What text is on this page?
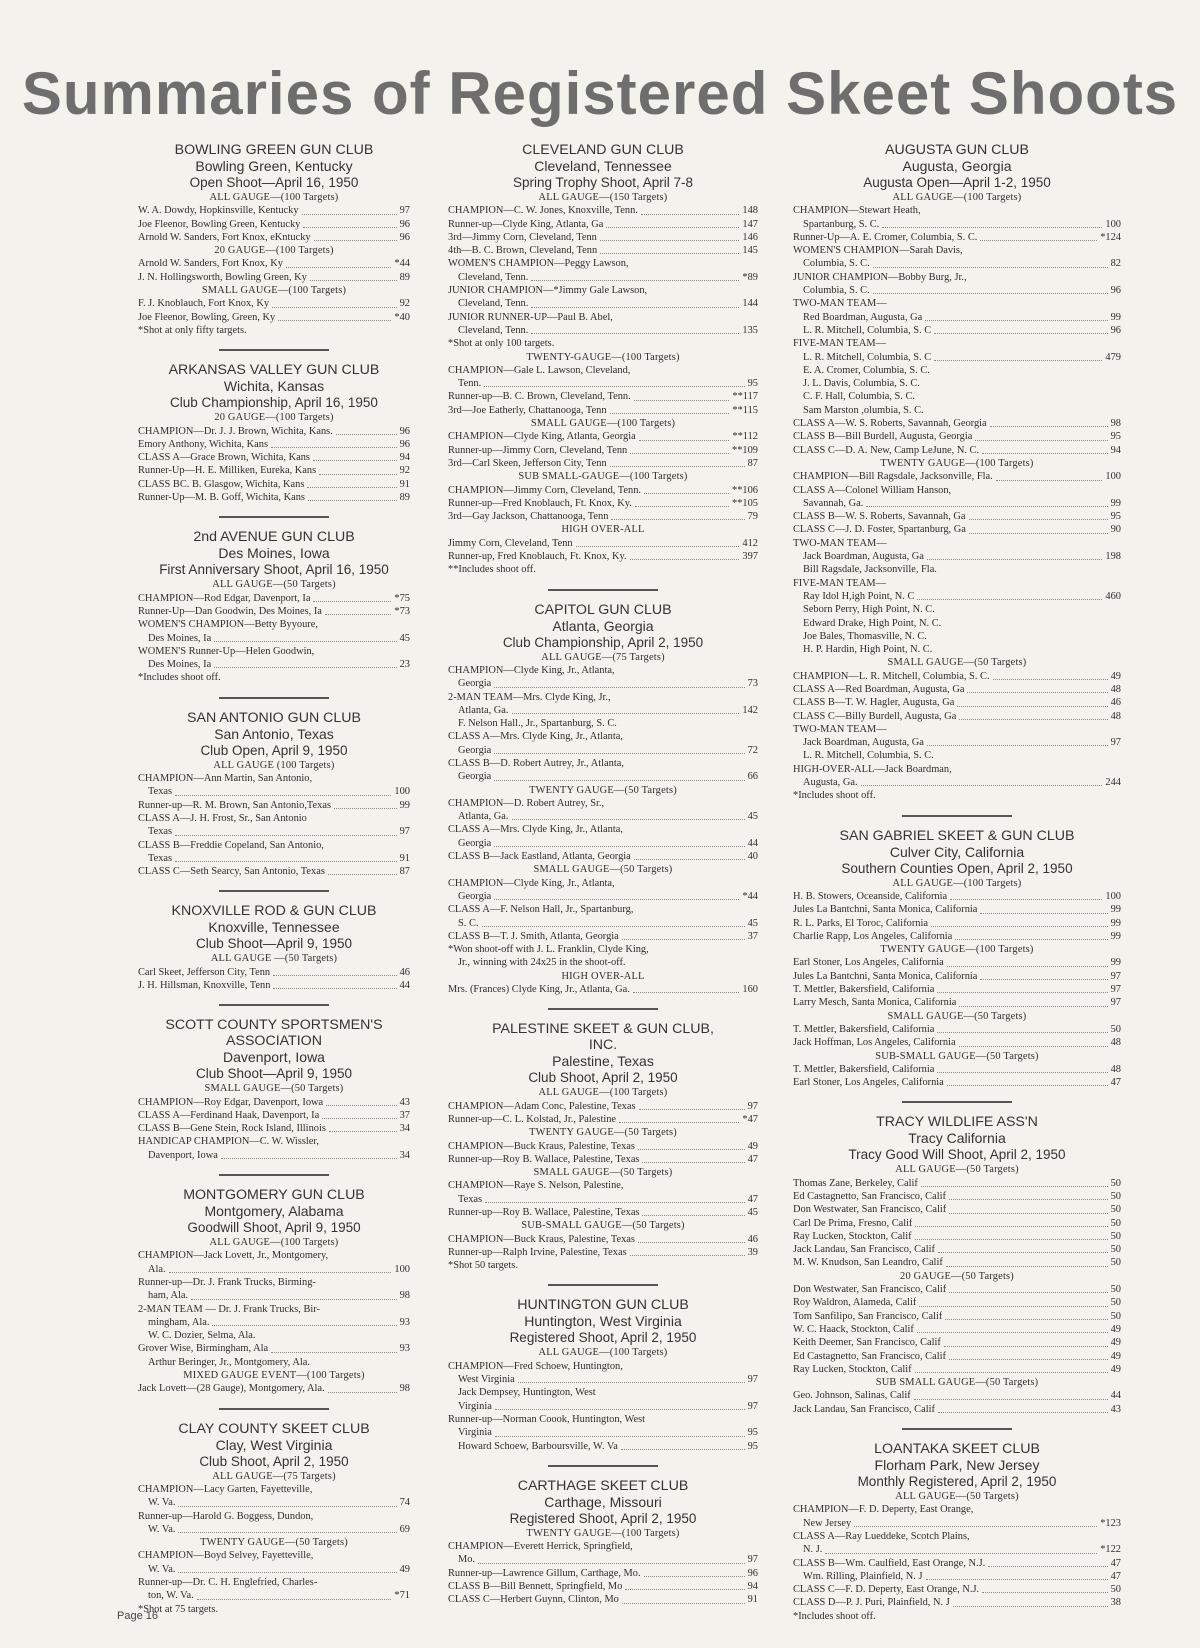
Summaries of Registered Skeet Shoots
BOWLING GREEN GUN CLUB
Bowling Green, Kentucky
Open Shoot—April 16, 1950
ALL GAUGE—(100 Targets)
W. A. Dowdy, Hopkinsville, Kentucky	97
Joe Fleenor, Bowling Green, Kentucky	96
Arnold W. Sanders, Fort Knox, eKntucky	96
20 GAUGE—(100 Targets)
Arnold W. Sanders, Fort Knox, Ky	*44
J. N. Hollingsworth, Bowling Green, Ky	89
SMALL GAUGE—(100 Targets)
F. J. Knoblauch, Fort Knox, Ky	92
Joe Fleenor, Bowling, Green, Ky	*40
*Shot at only fifty targets.
ARKANSAS VALLEY GUN CLUB
Wichita, Kansas
Club Championship, April 16, 1950
20 GAUGE—(100 Targets)
CHAMPION—Dr. J. J. Brown, Wichita, Kans.	96
Emory Anthony, Wichita, Kans	96
CLASS A—Grace Brown, Wichita, Kans	94
Runner-Up—H. E. Milliken, Eureka, Kans	92
CLASS BC. B. Glasgow, Wichita, Kans	91
Runner-Up—M. B. Goff, Wichita, Kans	89
2nd AVENUE GUN CLUB
Des Moines, Iowa
First Anniversary Shoot, April 16, 1950
ALL GAUGE—(50 Targets)
CHAMPION—Rod Edgar, Davenport, Ia	*75
Runner-Up—Dan Goodwin, Des Moines, Ia	*73
WOMEN'S CHAMPION—Betty Byyoure,
Des Moines, Ia	45
WOMEN'S Runner-Up—Helen Goodwin,
Des Moines, Ia	23
*Includes shoot off.
SAN ANTONIO GUN CLUB
San Antonio, Texas
Club Open, April 9, 1950
ALL GAUGE (100 Targets)
CHAMPION—Ann Martin, San Antonio,
Texas	100
Runner-up—R. M. Brown, San Antonio,Texas	99
CLASS A—J. H. Frost, Sr., San Antonio
Texas	97
CLASS B—Freddie Copeland, San Antonio,
Texas	91
CLASS C—Seth Searcy, San Antonio, Texas	87
KNOXVILLE ROD & GUN CLUB
Knoxville, Tennessee
Club Shoot—April 9, 1950
ALL GAUGE —(50 Targets)
Carl Skeet, Jefferson City, Tenn	46
J. H. Hillsman, Knoxville, Tenn	44
SCOTT COUNTY SPORTSMEN'S
ASSOCIATION
Davenport, Iowa
Club Shoot—April 9, 1950
SMALL GAUGE—(50 Targets)
CHAMPION—Roy Edgar, Davenport, Iowa	43
CLASS A—Ferdinand Haak, Davenport, Ia	37
CLASS B—Gene Stein, Rock Island, Illinois	34
HANDICAP CHAMPION—C. W. Wissler,
Davenport, Iowa	34
MONTGOMERY GUN CLUB
Montgomery, Alabama
Goodwill Shoot, April 9, 1950
ALL GAUGE—(100 Targets)
CHAMPION—Jack Lovett, Jr., Montgomery,
Ala.	100
Runner-up—Dr. J. Frank Trucks, Birming-
ham, Ala.	98
2-MAN TEAM — Dr. J. Frank Trucks, Bir-
mingham, Ala.	93
W. C. Dozier, Selma, Ala.
Grover Wise, Birmingham, Ala	93
Arthur Beringer, Jr., Montgomery, Ala.
MIXED GAUGE EVENT—(100 Targets)
Jack Lovett—(28 Gauge), Montgomery, Ala.	98
CLAY COUNTY SKEET CLUB
Clay, West Virginia
Club Shoot, April 2, 1950
ALL GAUGE—(75 Targets)
CHAMPION—Lacy Garten, Fayetteville,
W. Va.	74
Runner-up—Harold G. Boggess, Dundon,
W. Va.	69
TWENTY GAUGE—(50 Targets)
CHAMPION—Boyd Selvey, Fayetteville,
W. Va.	49
Runner-up—Dr. C. H. Englefried, Charles-
ton, W. Va.	*71
*Shot at 75 targets.
CLEVELAND GUN CLUB
Cleveland, Tennessee
Spring Trophy Shoot, April 7-8
ALL GAUGE—(150 Targets)
CHAMPION—C. W. Jones, Knoxville, Tenn.	148
Runner-up—Clyde King, Atlanta, Ga	147
3rd—Jimmy Corn, Cleveland, Tenn	146
4th—B. C. Brown, Cleveland, Tenn	145
WOMEN'S CHAMPION—Peggy Lawson,
Cleveland, Tenn.	*89
JUNIOR CHAMPION—*Jimmy Gale Lawson,
Cleveland, Tenn.	144
JUNIOR RUNNER-UP—Paul B. Abel,
Cleveland, Tenn.	135
*Shot at only 100 targets.
TWENTY-GAUGE—(100 Targets)
CHAMPION—Gale L. Lawson, Cleveland,
Tenn.	95
Runner-up—B. C. Brown, Cleveland, Tenn.	**117
3rd—Joe Eatherly, Chattanooga, Tenn	**115
SMALL GAUGE—(100 Targets)
CHAMPION—Clyde King, Atlanta, Georgia	**112
Runner-up—Jimmy Corn, Cleveland, Tenn	**109
3rd—Carl Skeen, Jefferson City, Tenn	87
SUB SMALL-GAUGE—(100 Targets)
CHAMPION—Jimmy Corn, Cleveland, Tenn.	**106
Runner-up—Fred Knoblauch, Ft. Knox, Ky.	**105
3rd—Gay Jackson, Chattanooga, Tenn	79
HIGH OVER-ALL
Jimmy Corn, Cleveland, Tenn	412
Runner-up, Fred Knoblauch, Ft. Knox, Ky.	397
**Includes shoot off.
CAPITOL GUN CLUB
Atlanta, Georgia
Club Championship, April 2, 1950
ALL GAUGE—(75 Targets)
CHAMPION—Clyde King, Jr., Atlanta,
Georgia	73
2-MAN TEAM—Mrs. Clyde King, Jr.,
Atlanta, Ga.	142
F. Nelson Hall., Jr., Spartanburg, S. C.
CLASS A—Mrs. Clyde King, Jr., Atlanta,
Georgia	72
CLASS B—D. Robert Autrey, Jr., Atlanta,
Georgia	66
TWENTY GAUGE—(50 Targets)
CHAMPION—D. Robert Autrey, Sr.,
Atlanta, Ga.	45
CLASS A—Mrs. Clyde King, Jr., Atlanta,
Georgia	44
CLASS B—Jack Eastland, Atlanta, Georgia	40
SMALL GAUGE—(50 Targets)
CHAMPION—Clyde King, Jr., Atlanta,
Georgia	*44
CLASS A—F. Nelson Hall, Jr., Spartanburg,
S. C.	45
CLASS B—T. J. Smith, Atlanta, Georgia	37
*Won shoot-off with J. L. Franklin, Clyde King,
Jr., winning with 24x25 in the shoot-off.
HIGH OVER-ALL
Mrs. (Frances) Clyde King, Jr., Atlanta, Ga.	160
PALESTINE SKEET & GUN CLUB,
INC.
Palestine, Texas
Club Shoot, April 2, 1950
ALL GAUGE—(100 Targets)
CHAMPION—Adam Conc, Palestine, Texas	97
Runner-up—C. L. Kolstad, Jr., Palestine	*47
TWENTY GAUGE—(50 Targets)
CHAMPION—Buck Kraus, Palestine, Texas	49
Runner-up—Roy B. Wallace, Palestine, Texas	47
SMALL GAUGE—(50 Targets)
CHAMPION—Raye S. Nelson, Palestine,
Texas	47
Runner-up—Roy B. Wallace, Palestine, Texas	45
SUB-SMALL GAUGE—(50 Targets)
CHAMPION—Buck Kraus, Palestine, Texas	46
Runner-up—Ralph Irvine, Palestine, Texas	39
*Shot 50 targets.
HUNTINGTON GUN CLUB
Huntington, West Virginia
Registered Shoot, April 2, 1950
ALL GAUGE—(100 Targets)
CHAMPION—Fred Schoew, Huntington,
West Virginia	97
Jack Dempsey, Huntington, West
Virginia	97
Runner-up—Norman Coook, Huntington, West
Virginia	95
Howard Schoew, Barboursville, W. Va	95
CARTHAGE SKEET CLUB
Carthage, Missouri
Registered Shoot, April 2, 1950
TWENTY GAUGE—(100 Targets)
CHAMPION—Everett Herrick, Springfield,
Mo.	97
Runner-up—Lawrence Gillum, Carthage, Mo.	96
CLASS B—Bill Bennett, Springfield, Mo	94
CLASS C—Herbert Guynn, Clinton, Mo	91
AUGUSTA GUN CLUB
Augusta, Georgia
Augusta Open—April 1-2, 1950
ALL GAUGE—(100 Targets)
CHAMPION—Stewart Heath,
Spartanburg, S. C.	100
Runner-Up—A. E. Cromer, Columbia, S. C.	*124
WOMEN'S CHAMPION—Sarah Davis,
Columbia, S. C.	82
JUNIOR CHAMPION—Bobby Burg, Jr.,
Columbia, S. C.	96
TWO-MAN TEAM—
Red Boardman, Augusta, Ga	99
L. R. Mitchell, Columbia, S. C	96
FIVE-MAN TEAM—
L. R. Mitchell, Columbia, S. C	479
E. A. Cromer, Columbia, S. C.
J. L. Davis, Columbia, S. C.
C. F. Hall, Columbia, S. C.
Sam Marston ,olumbia, S. C.
CLASS A—W. S. Roberts, Savannah, Georgia	98
CLASS B—Bill Burdell, Augusta, Georgia	95
CLASS C—D. A. New, Camp LeJune, N. C.	94
TWENTY GAUGE—(100 Targets)
CHAMPION—Bill Ragsdale, Jacksonville, Fla.	100
CLASS A—Colonel William Hanson,
Savannah, Ga.	99
CLASS B—W. S. Roberts, Savannah, Ga	95
CLASS C—J. D. Foster, Spartanburg, Ga	90
TWO-MAN TEAM—
Jack Boardman, Augusta, Ga	198
Bill Ragsdale, Jacksonville, Fla.
FIVE-MAN TEAM—
Ray Idol H,igh Point, N. C	460
Seborn Perry, High Point, N. C.
Edward Drake, High Point, N. C.
Joe Bales, Thomasville, N. C.
H. P. Hardin, High Point, N. C.
SMALL GAUGE—(50 Targets)
CHAMPION—L. R. Mitchell, Columbia, S. C.	49
CLASS A—Red Boardman, Augusta, Ga	48
CLASS B—T. W. Hagler, Augusta, Ga	46
CLASS C—Billy Burdell, Augusta, Ga	48
TWO-MAN TEAM—
Jack Boardman, Augusta, Ga	97
L. R. Mitchell, Columbia, S. C.
HIGH-OVER-ALL—Jack Boardman,
Augusta, Ga.	244
*Includes shoot off.
SAN GABRIEL SKEET & GUN CLUB
Culver City, California
Southern Counties Open, April 2, 1950
ALL GAUGE—(100 Targets)
H. B. Stowers, Oceanside, California	100
Jules La Bantchni, Santa Monica, California	99
R. L. Parks, El Toroc, California	99
Charlie Rapp, Los Angeles, California	99
TWENTY GAUGE—(100 Targets)
Earl Stoner, Los Angeles, California	99
Jules La Bantchni, Santa Monica, California	97
T. Mettler, Bakersfield, California	97
Larry Mesch, Santa Monica, California	97
SMALL GAUGE—(50 Targets)
T. Mettler, Bakersfield, California	50
Jack Hoffman, Los Angeles, California	48
SUB-SMALL GAUGE—(50 Targets)
T. Mettler, Bakersfield, California	48
Earl Stoner, Los Angeles, California	47
TRACY WILDLIFE ASS'N
Tracy California
Tracy Good Will Shoot, April 2, 1950
ALL GAUGE—(50 Targets)
Thomas Zane, Berkeley, Calif	50
Ed Castagnetto, San Francisco, Calif	50
Don Westwater, San Francisco, Calif	50
Carl De Prima, Fresno, Calif	50
Ray Lucken, Stockton, Calif	50
Jack Landau, San Francisco, Calif	50
M. W. Knudson, San Leandro, Calif	50
20 GAUGE—(50 Targets)
Don Westwater, San Francisco, Calif	50
Roy Waldron, Alameda, Calif	50
Tom Sanfilipo, San Francisco, Calif	50
W. C. Haack, Stockton, Calif	49
Keith Deemer, San Francisco, Calif	49
Ed Castagnetto, San Francisco, Calif	49
Ray Lucken, Stockton, Calif	49
SUB SMALL GAUGE—(50 Targets)
Geo. Johnson, Salinas, Calif	44
Jack Landau, San Francisco, Calif	43
LOANTAKA SKEET CLUB
Florham Park, New Jersey
Monthly Registered, April 2, 1950
ALL GAUGE—(50 Targets)
CHAMPION—F. D. Deperty, East Orange,
New Jersey	*123
CLASS A—Ray Lueddeke, Scotch Plains,
N. J.	*122
CLASS B—Wm. Caulfield, East Orange, N.J.	47
Wm. Rilling, Plainfield, N. J	47
CLASS C—F. D. Deperty, East Orange, N.J.	50
CLASS D—P. J. Puri, Plainfield, N. J	38
*Includes shoot off.
Page 16
